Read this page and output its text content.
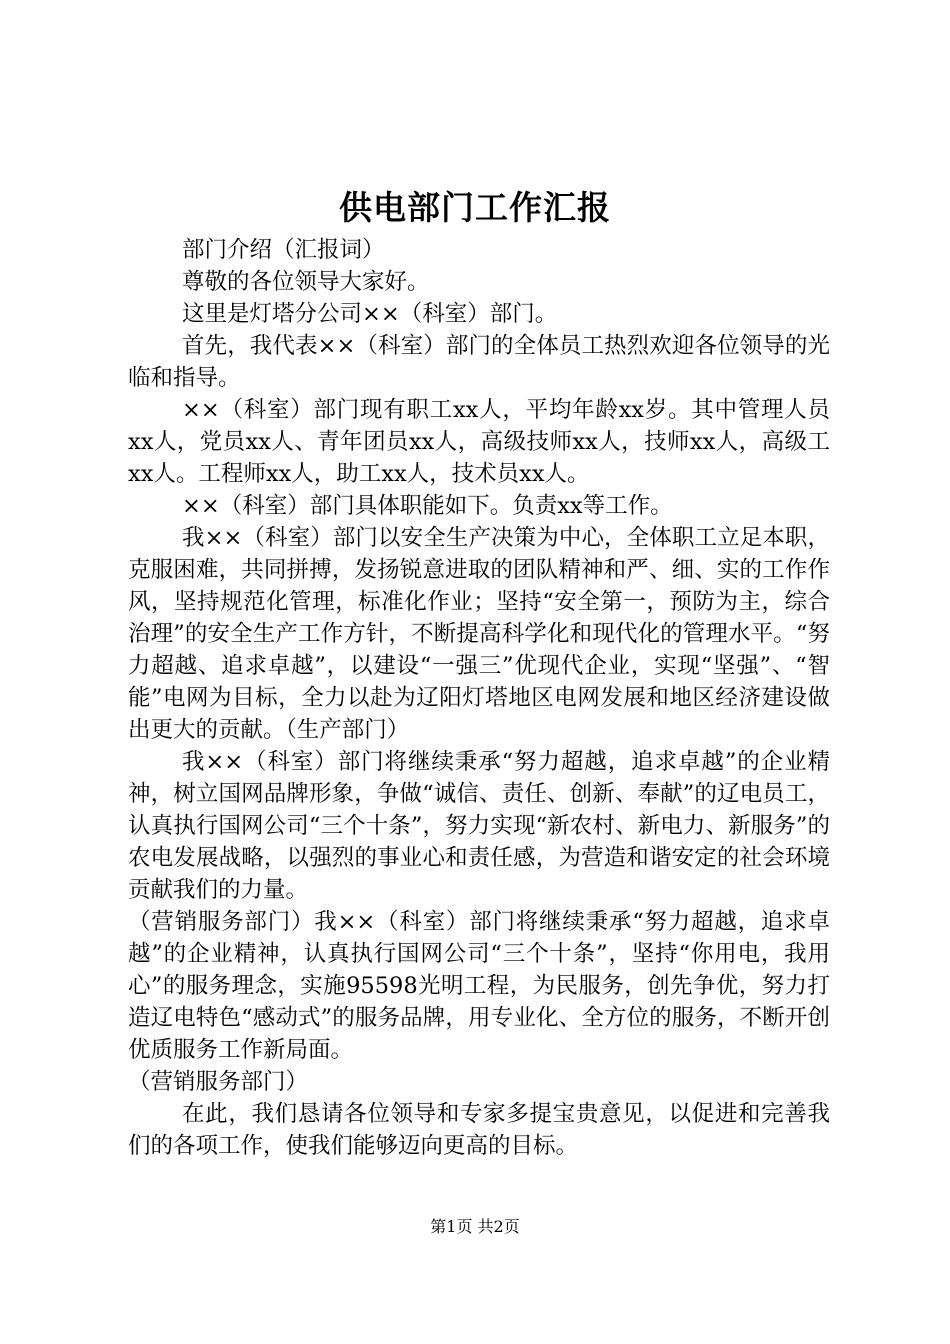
供电部门工作汇报

部门介绍（汇报词）

尊敬的各位领导大家好。

这里是灯塔分公司××（科室）部门。

首先，我代表××（科室）部门的全体员工热烈欢迎各位领导的光临和指导。

××（科室）部门现有职工xx人，平均年龄xx岁。其中管理人员xx人，党员xx人、青年团员xx人，高级技师xx人，技师xx人，高级工xx人。工程师xx人，助工xx人，技术员xx人。

××（科室）部门具体职能如下。负责xx等工作。

我××（科室）部门以安全生产决策为中心，全体职工立足本职，克服困难，共同拼搏，发扬锐意进取的团队精神和严、细、实的工作作风，坚持规范化管理，标准化作业；坚持“安全第一，预防为主，综合治理”的安全生产工作方针，不断提高科学化和现代化的管理水平。“努力超越、追求卓越”，以建设“一强三”优现代企业，实现“坚强”、“智能”电网为目标，全力以赴为辽阳灯塔地区电网发展和地区经济建设做出更大的贡献。（生产部门）

我××（科室）部门将继续秉承“努力超越，追求卓越”的企业精神，树立国网品牌形象，争做“诚信、责任、创新、奉献”的辽电员工，认真执行国网公司“三个十条”，努力实现“新农村、新电力、新服务”的农电发展战略，以强烈的事业心和责任感，为营造和谐安定的社会环境贡献我们的力量。

（营销服务部门）我××（科室）部门将继续秉承“努力超越，追求卓越”的企业精神，认真执行国网公司“三个十条”，坚持“你用电，我用心”的服务理念，实施95598光明工程，为民服务，创先争优，努力打造辽电特色“感动式”的服务品牌，用专业化、全方位的服务，不断开创优质服务工作新局面。

（营销服务部门）

在此，我们恳请各位领导和专家多提宝贵意见，以促进和完善我们的各项工作，使我们能够迈向更高的目标。

第1页 共2页
